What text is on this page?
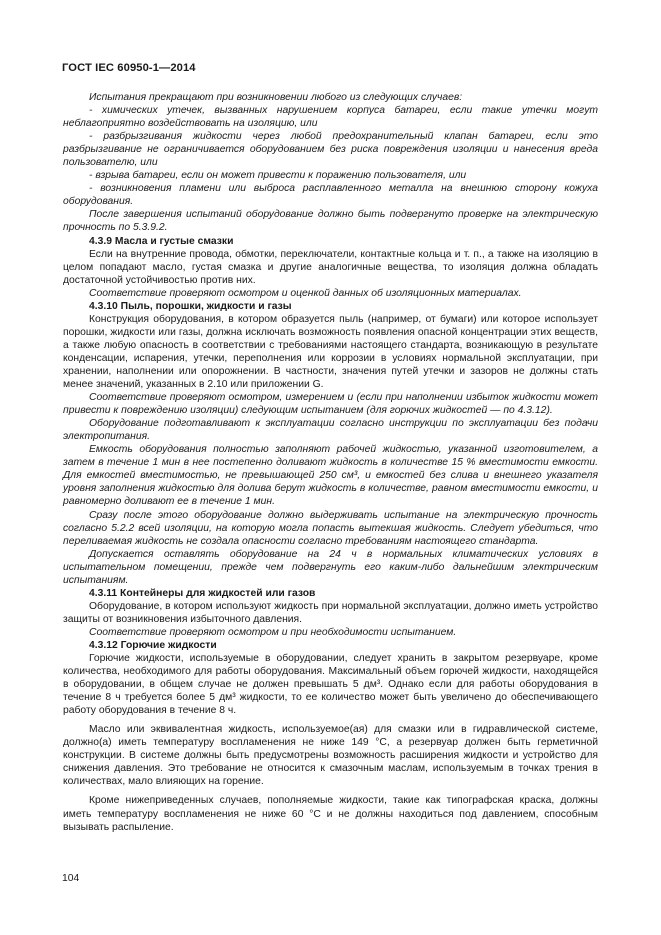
ГОСТ IEC 60950-1—2014

Испытания прекращают при возникновении любого из следующих случаев:

- химических утечек, вызванных нарушением корпуса батареи, если такие утечки могут неблагоприятно воздействовать на изоляцию, или

- разбрызгивания жидкости через любой предохранительный клапан батареи, если это разбрызгивание не ограничивается оборудованием без риска повреждения изоляции и нанесения вреда пользователю, или

- взрыва батареи, если он может привести к поражению пользователя, или

- возникновения пламени или выброса расплавленного металла на внешнюю сторону кожуха оборудования.

После завершения испытаний оборудование должно быть подвергнуто проверке на электрическую прочность по 5.3.9.2.

4.3.9 Масла и густые смазки

Если на внутренние провода, обмотки, переключатели, контактные кольца и т. п., а также на изоляцию в целом попадают масло, густая смазка и другие аналогичные вещества, то изоляция должна обладать достаточной устойчивостью против них.

Соответствие проверяют осмотром и оценкой данных об изоляционных материалах.

4.3.10 Пыль, порошки, жидкости и газы

Конструкция оборудования, в котором образуется пыль (например, от бумаги) или которое использует порошки, жидкости или газы, должна исключать возможность появления опасной концентрации этих веществ, а также любую опасность в соответствии с требованиями настоящего стандарта, возникающую в результате конденсации, испарения, утечки, переполнения или коррозии в условиях нормальной эксплуатации, при хранении, наполнении или опорожнении. В частности, значения путей утечки и зазоров не должны стать менее значений, указанных в 2.10 или приложении G.

Соответствие проверяют осмотром, измерением и (если при наполнении избыток жидкости может привести к повреждению изоляции) следующим испытанием (для горючих жидкостей — по 4.3.12).

Оборудование подготавливают к эксплуатации согласно инструкции по эксплуатации без подачи электропитания.

Емкость оборудования полностью заполняют рабочей жидкостью, указанной изготовителем, а затем в течение 1 мин в нее постепенно доливают жидкость в количестве 15 % вместимости емкости. Для емкостей вместимостью, не превышающей 250 см³, и емкостей без слива и внешнего указателя уровня заполнения жидкостью для долива берут жидкость в количестве, равном вместимости емкости, и равномерно доливают ее в течение 1 мин.

Сразу после этого оборудование должно выдерживать испытание на электрическую прочность согласно 5.2.2 всей изоляции, на которую могла попасть вытекшая жидкость. Следует убедиться, что переливаемая жидкость не создала опасности согласно требованиям настоящего стандарта.

Допускается оставлять оборудование на 24 ч в нормальных климатических условиях в испытательном помещении, прежде чем подвергнуть его каким-либо дальнейшим электрическим испытаниям.

4.3.11 Контейнеры для жидкостей или газов

Оборудование, в котором используют жидкость при нормальной эксплуатации, должно иметь устройство защиты от возникновения избыточного давления.

Соответствие проверяют осмотром и при необходимости испытанием.

4.3.12 Горючие жидкости

Горючие жидкости, используемые в оборудовании, следует хранить в закрытом резервуаре, кроме количества, необходимого для работы оборудования. Максимальный объем горючей жидкости, находящейся в оборудовании, в общем случае не должен превышать 5 дм³. Однако если для работы оборудования в течение 8 ч требуется более 5 дм³ жидкости, то ее количество может быть увеличено до обеспечивающего работу оборудования в течение 8 ч.

Масло или эквивалентная жидкость, используемое(ая) для смазки или в гидравлической системе, должно(а) иметь температуру воспламенения не ниже 149 °C, а резервуар должен быть герметичной конструкции. В системе должны быть предусмотрены возможность расширения жидкости и устройство для снижения давления. Это требование не относится к смазочным маслам, используемым в точках трения в количествах, мало влияющих на горение.

Кроме нижеприведенных случаев, пополняемые жидкости, такие как типографская краска, должны иметь температуру воспламенения не ниже 60 °C и не должны находиться под давлением, способным вызывать распыление.

104
